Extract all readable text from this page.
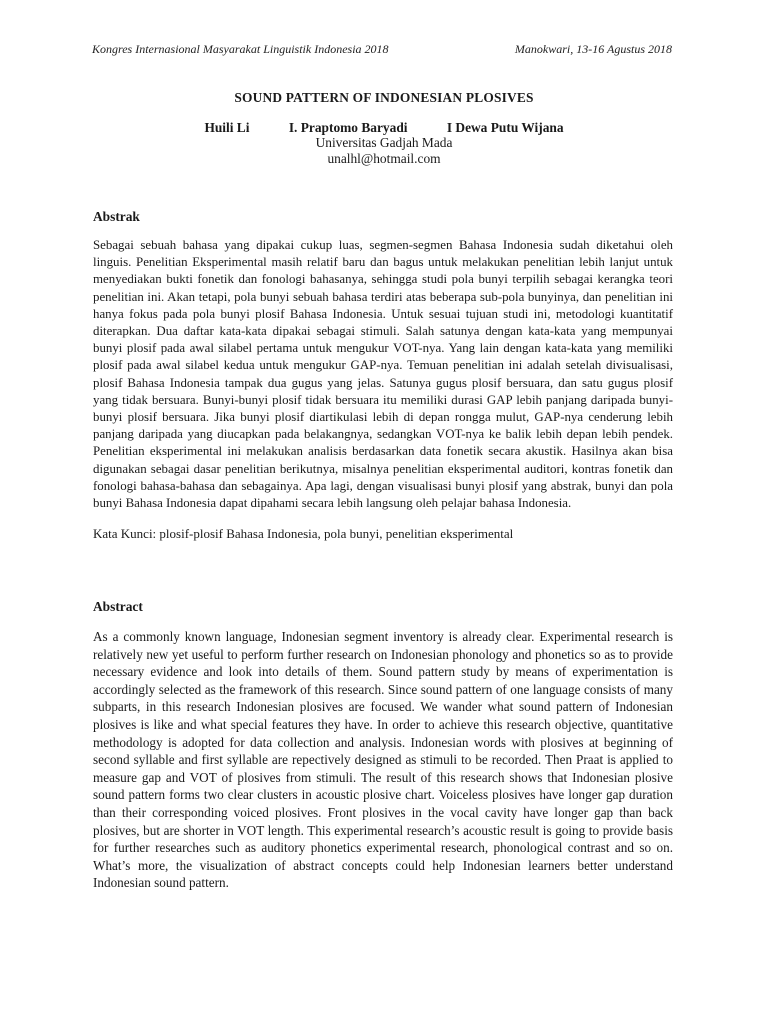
Kongres Internasional Masyarakat Linguistik Indonesia 2018	Manokwari, 13-16 Agustus 2018
SOUND PATTERN OF INDONESIAN PLOSIVES
Huili Li	I. Praptomo Baryadi	I Dewa Putu Wijana
Universitas Gadjah Mada
unalhl@hotmail.com
Abstrak

Sebagai sebuah bahasa yang dipakai cukup luas, segmen-segmen Bahasa Indonesia sudah diketahui oleh linguis. Penelitian Eksperimental masih relatif baru dan bagus untuk melakukan penelitian lebih lanjut untuk menyediakan bukti fonetik dan fonologi bahasanya, sehingga studi pola bunyi terpilih sebagai kerangka teori penelitian ini. Akan tetapi, pola bunyi sebuah bahasa terdiri atas beberapa sub-pola bunyinya, dan penelitian ini hanya fokus pada pola bunyi plosif Bahasa Indonesia. Untuk sesuai tujuan studi ini, metodologi kuantitatif diterapkan. Dua daftar kata-kata dipakai sebagai stimuli. Salah satunya dengan kata-kata yang mempunyai bunyi plosif pada awal silabel pertama untuk mengukur VOT-nya. Yang lain dengan kata-kata yang memiliki plosif pada awal silabel kedua untuk mengukur GAP-nya. Temuan penelitian ini adalah setelah divisualisasi, plosif Bahasa Indonesia tampak dua gugus yang jelas. Satunya gugus plosif bersuara, dan satu gugus plosif yang tidak bersuara. Bunyi-bunyi plosif tidak bersuara itu memiliki durasi GAP lebih panjang daripada bunyi-bunyi plosif bersuara. Jika bunyi plosif diartikulasi lebih di depan rongga mulut, GAP-nya cenderung lebih panjang daripada yang diucapkan pada belakangnya, sedangkan VOT-nya ke balik lebih depan lebih pendek. Penelitian eksperimental ini melakukan analisis berdasarkan data fonetik secara akustik. Hasilnya akan bisa digunakan sebagai dasar penelitian berikutnya, misalnya penelitian eksperimental auditori, kontras fonetik dan fonologi bahasa-bahasa dan sebagainya. Apa lagi, dengan visualisasi bunyi plosif yang abstrak, bunyi dan pola bunyi Bahasa Indonesia dapat dipahami secara lebih langsung oleh pelajar bahasa Indonesia.

Kata Kunci: plosif-plosif Bahasa Indonesia, pola bunyi, penelitian eksperimental

Abstract

As a commonly known language, Indonesian segment inventory is already clear. Experimental research is relatively new yet useful to perform further research on Indonesian phonology and phonetics so as to provide necessary evidence and look into details of them. Sound pattern study by means of experimentation is accordingly selected as the framework of this research. Since sound pattern of one language consists of many subparts, in this research Indonesian plosives are focused. We wander what sound pattern of Indonesian plosives is like and what special features they have. In order to achieve this research objective, quantitative methodology is adopted for data collection and analysis. Indonesian words with plosives at beginning of second syllable and first syllable are repectively designed as stimuli to be recorded. Then Praat is applied to measure gap and VOT of plosives from stimuli. The result of this research shows that Indonesian plosive sound pattern forms two clear clusters in acoustic plosive chart. Voiceless plosives have longer gap duration than their corresponding voiced plosives. Front plosives in the vocal cavity have longer gap than back plosives, but are shorter in VOT length. This experimental research’s acoustic result is going to provide basis for further researches such as auditory phonetics experimental research, phonological contrast and so on. What’s more, the visualization of abstract concepts could help Indonesian learners better understand Indonesian sound pattern.
